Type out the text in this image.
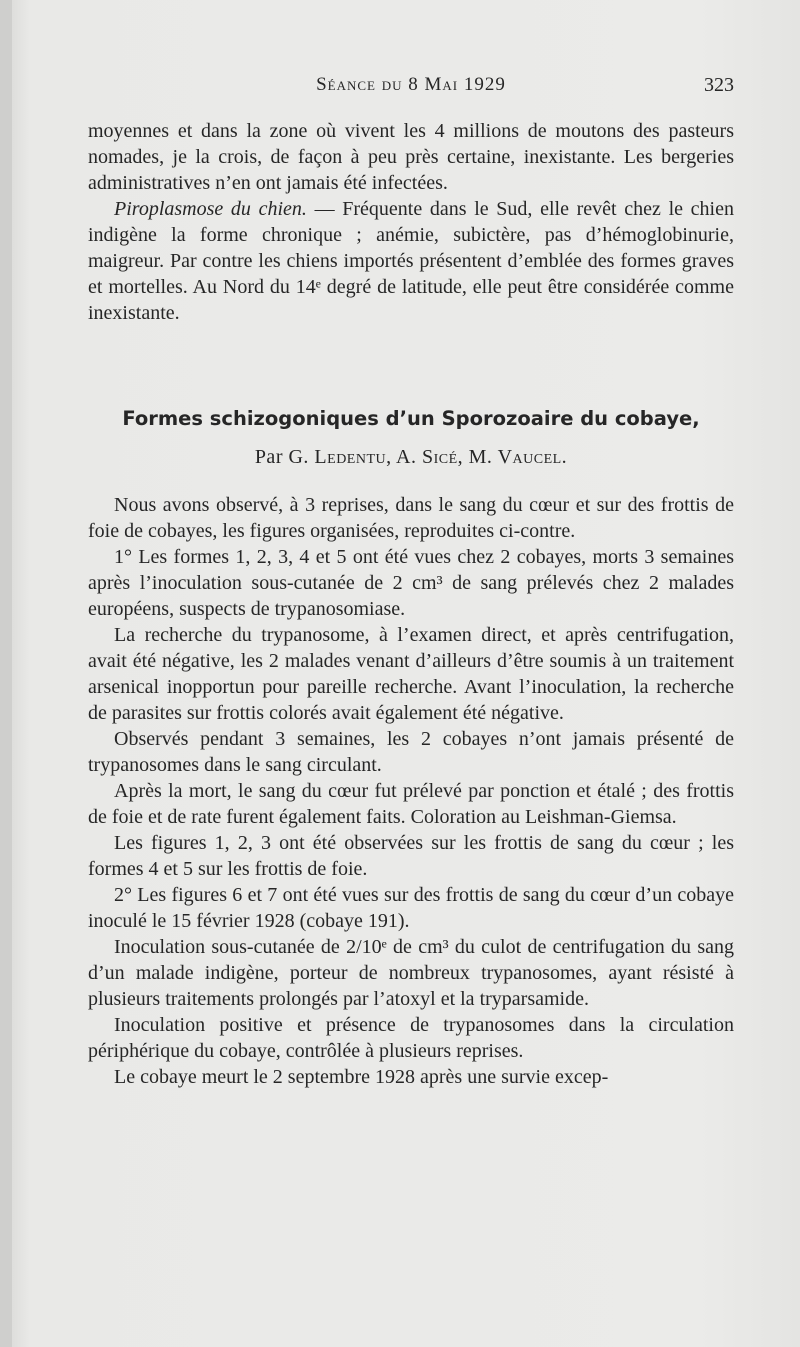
Séance du 8 Mai 1929	323

moyennes et dans la zone où vivent les 4 millions de moutons des pasteurs nomades, je la crois, de façon à peu près certaine, inexistante. Les bergeries administratives n’en ont jamais été infectées.

Piroplasmose du chien. — Fréquente dans le Sud, elle revêt chez le chien indigène la forme chronique ; anémie, subictère, pas d’hémoglobinurie, maigreur. Par contre les chiens importés présentent d’emblée des formes graves et mortelles. Au Nord du 14ᵉ degré de latitude, elle peut être considérée comme inexistante.

Formes schizogoniques d’un Sporozoaire du cobaye,
Par G. Ledentu, A. Sicé, M. Vaucel.

Nous avons observé, à 3 reprises, dans le sang du cœur et sur des frottis de foie de cobayes, les figures organisées, reproduites ci-contre.

1° Les formes 1, 2, 3, 4 et 5 ont été vues chez 2 cobayes, morts 3 semaines après l’inoculation sous-cutanée de 2 cm³ de sang prélevés chez 2 malades européens, suspects de trypanosomiase.

La recherche du trypanosome, à l’examen direct, et après centrifugation, avait été négative, les 2 malades venant d’ailleurs d’être soumis à un traitement arsenical inopportun pour pareille recherche. Avant l’inoculation, la recherche de parasites sur frottis colorés avait également été négative.

Observés pendant 3 semaines, les 2 cobayes n’ont jamais présenté de trypanosomes dans le sang circulant.

Après la mort, le sang du cœur fut prélevé par ponction et étalé ; des frottis de foie et de rate furent également faits. Coloration au Leishman-Giemsa.

Les figures 1, 2, 3 ont été observées sur les frottis de sang du cœur ; les formes 4 et 5 sur les frottis de foie.

2° Les figures 6 et 7 ont été vues sur des frottis de sang du cœur d’un cobaye inoculé le 15 février 1928 (cobaye 191).

Inoculation sous-cutanée de 2/10ᵉ de cm³ du culot de centrifugation du sang d’un malade indigène, porteur de nombreux trypanosomes, ayant résisté à plusieurs traitements prolongés par l’atoxyl et la tryparsamide.

Inoculation positive et présence de trypanosomes dans la circulation périphérique du cobaye, contrôlée à plusieurs reprises.

Le cobaye meurt le 2 septembre 1928 après une survie excep-
